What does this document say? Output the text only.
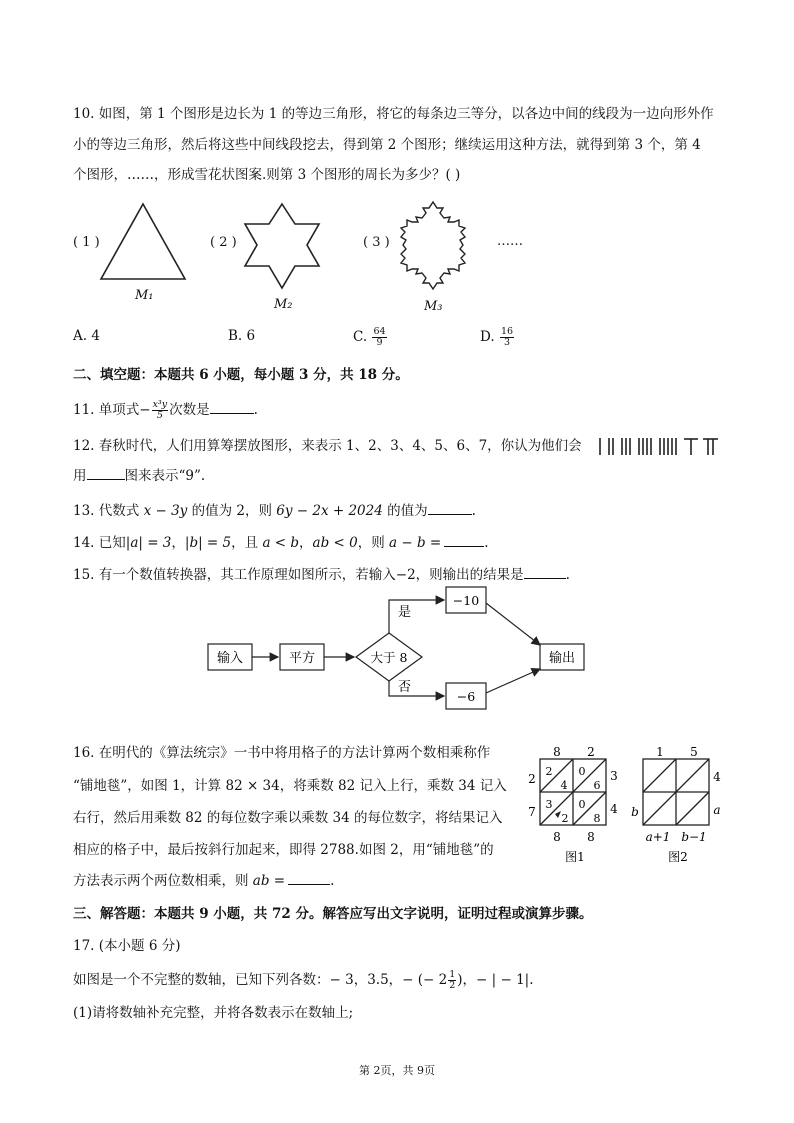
10. 如图，第 1 个图形是边长为 1 的等边三角形，将它的每条边三等分，以各边中间的线段为一边向形外作
小的等边三角形，然后将这些中间线段挖去，得到第 2 个图形；继续运用这种方法，就得到第 3 个，第 4
个图形，……，形成雪花状图案.则第 3 个图形的周长为多少？( )
( 1 )
M₁
( 2 )
M₂
( 3 )
M₃
……
A. 4	B. 6	C. $\frac{64}{9}$	D. $\frac{16}{3}$
二、填空题：本题共 6 小题，每小题 3 分，共 18 分。
11. 单项式− $\frac{\text{x³y}}{5}$ 次数是	.
12. 春秋时代，人们用算筹摆放图形，来表示 1、2、3、4、5、6、7，你认为他们会
用	图来表示“9”.
13. 代数式 x − 3y 的值为 2，则 6y − 2x + 2024 的值为	.
14. 已知|a| = 3，|b| = 5，且 a < b，ab < 0，则 a − b =	.
15. 有一个数值转换器，其工作原理如图所示，若输入−2，则输出的结果是	.
输入	平方	大于 8
−10
−6
输出
是
否
16. 在明代的《算法统宗》一书中将用格子的方法计算两个数相乘称作
“铺地毯”，如图 1，计算 82 × 34，将乘数 82 记入上行，乘数 34 记入
右行，然后用乘数 82 的每位数字乘以乘数 34 的每位数字，将结果记入
相应的格子中，最后按斜行加起来，即得 2788.如图 2，用“铺地毯”的
方法表示两个两位数相乘，则 ab =	.
8 2
3
4
2
7
8 8
2
4
0
6
3
2
0
8
图1
1 5
4
a
b
a+1 b−1
图2
三、解答题：本题共 9 小题，共 72 分。解答应写出文字说明，证明过程或演算步骤。
17. (本小题 6 分)
如图是一个不完整的数轴，已知下列各数：− 3，3.5，− (− $2 \frac{1}{2}$ )，− | − 1|.
(1)请将数轴补充完整，并将各数表示在数轴上;
第 2页，共 9页
